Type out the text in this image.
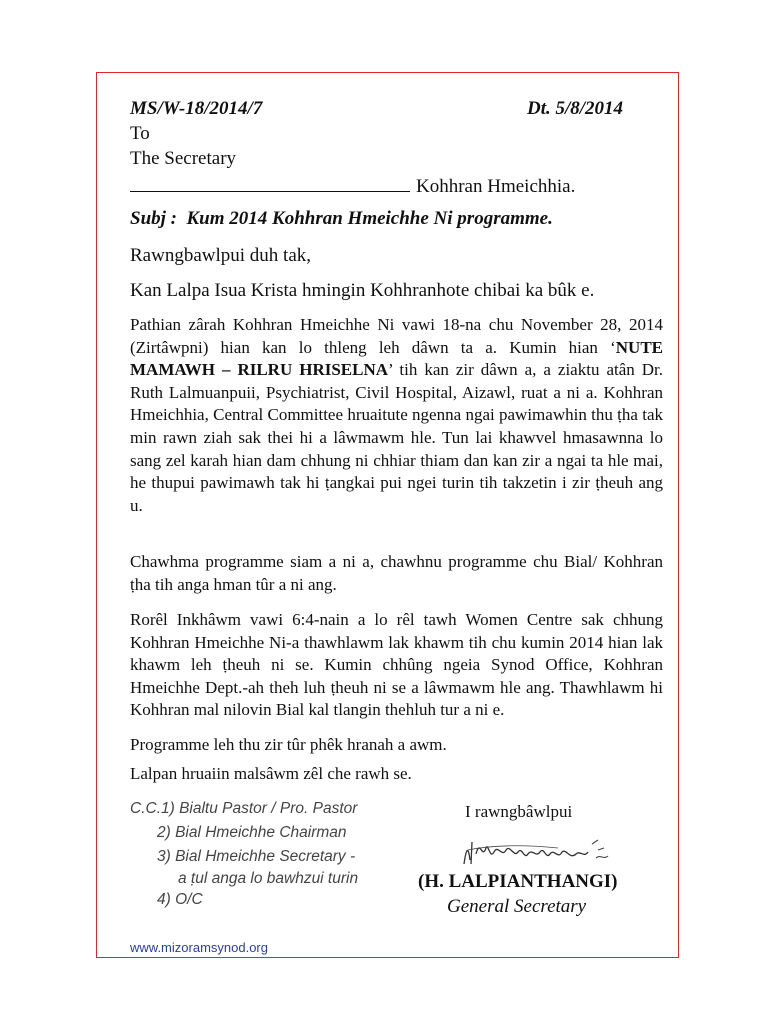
MS/W-18/2014/7	Dt. 5/8/2014

To

The Secretary

Kohhran Hmeichhia.

Subj : Kum 2014 Kohhran Hmeichhe Ni programme.

Rawngbawlpui duh tak,

Kan Lalpa Isua Krista hmingin Kohhranhote chibai ka bûk e.

Pathian zârah Kohhran Hmeichhe Ni vawi 18-na chu November 28, 2014 (Zirtâwpni) hian kan lo thleng leh dâwn ta a. Kumin hian ‘NUTE MAMAWH – RILRU HRISELNA’ tih kan zir dâwn a, a ziaktu atân Dr. Ruth Lalmuanpuii, Psychiatrist, Civil Hospital, Aizawl, ruat a ni a. Kohhran Hmeichhia, Central Committee hruaitute ngenna ngai pawimawhin thu ṭha tak min rawn ziah sak thei hi a lâwmawm hle. Tun lai khawvel hmasawnna lo sang zel karah hian dam chhung ni chhiar thiam dan kan zir a ngai ta hle mai, he thupui pawimawh tak hi ṭangkai pui ngei turin tih takzetin i zir ṭheuh ang u.

Chawhma programme siam a ni a, chawhnu programme chu Bial/ Kohhran ṭha tih anga hman tûr a ni ang.

Rorêl Inkhâwm vawi 6:4-nain a lo rêl tawh Women Centre sak chhung Kohhran Hmeichhe Ni-a thawhlawm lak khawm tih chu kumin 2014 hian lak khawm leh ṭheuh ni se. Kumin chhûng ngeia Synod Office, Kohhran Hmeichhe Dept.-ah theh luh ṭheuh ni se a lâwmawm hle ang. Thawhlawm hi Kohhran mal nilovin Bial kal tlangin thehluh tur a ni e.

Programme leh thu zir tûr phêk hranah a awm.

Lalpan hruaiin malsâwm zêl che rawh se.

C.C.1) Bialtu Pastor / Pro. Pastor

2) Bial Hmeichhe Chairman

3) Bial Hmeichhe Secretary -

a ṭul anga lo bawhzui turin

4) O/C

I rawngbâwlpui

(H. LALPIANTHANGI)

General Secretary

www.mizoramsynod.org
